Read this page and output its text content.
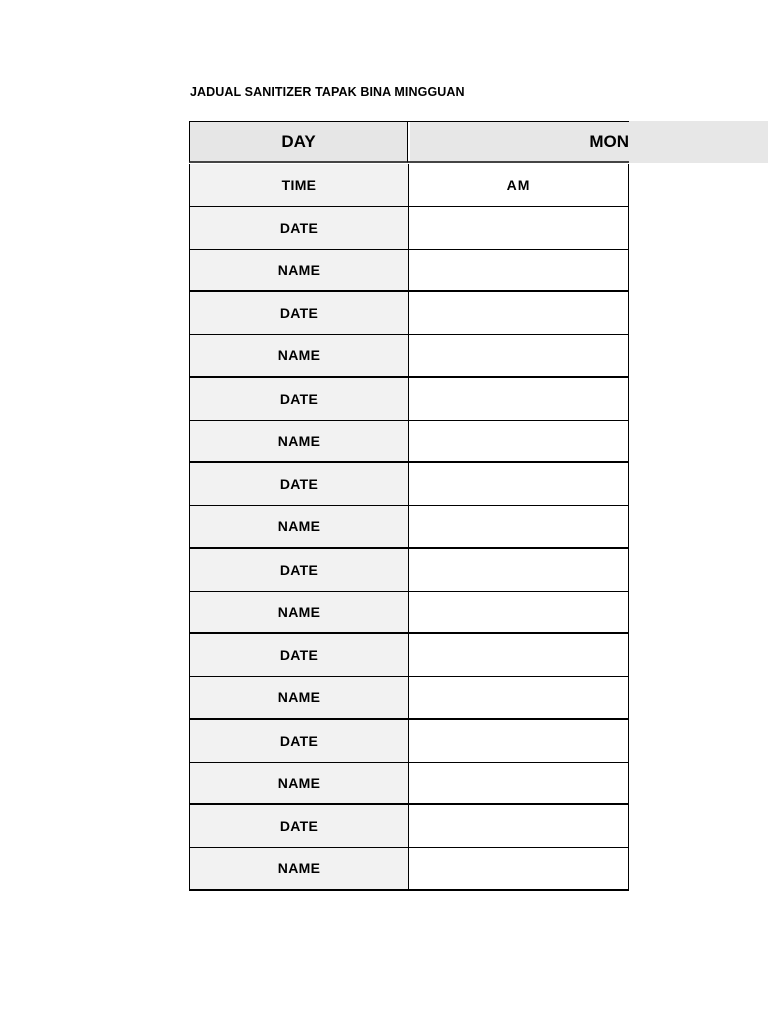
JADUAL SANITIZER TAPAK BINA MINGGUAN
DAY	MON
TIME	AM
DATE
NAME
DATE
NAME
DATE
NAME
DATE
NAME
DATE
NAME
DATE
NAME
DATE
NAME
DATE
NAME
